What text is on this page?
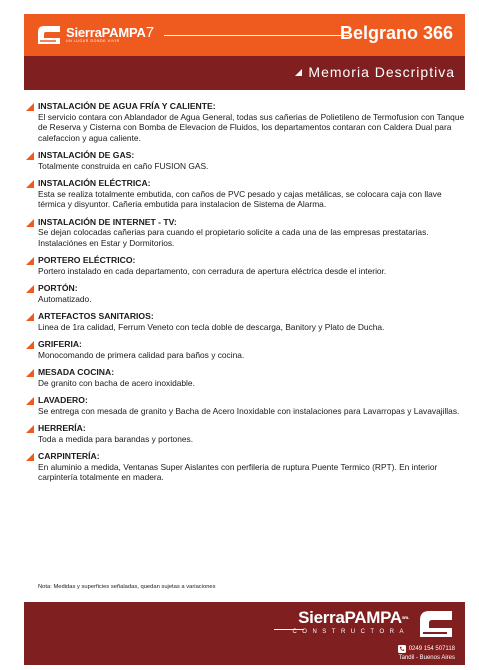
SierraPAMPA7
UN LUGAR DONDE VIVIR	Belgrano 366
Memoria Descriptiva
INSTALACIÓN DE AGUA FRÍA Y CALIENTE:
El servicio contara con Ablandador de Agua General, todas sus cañerias de Polietileno de Termofusion con Tanque de Reserva y Cisterna con Bomba de Elevacion de Fluidos, los departamentos contaran con Caldera Dual para calefaccion y agua caliente.
INSTALACIÓN DE GAS:
Totalmente construida en caño FUSION GAS.
INSTALACIÓN ELÉCTRICA:
Esta se realiza totalmente embutida, con caños de PVC pesado y cajas metálicas, se colocara caja con llave térmica y disyuntor. Cañeria embutida para instalacion de Sistema de Alarma.
INSTALACIÓN DE INTERNET - TV:
Se dejan colocadas cañerias para cuando el propietario solicite a cada una de las empresas prestatarias. Instalaciónes en Estar y Dormitorios.
PORTERO ELÉCTRICO:
Portero instalado en cada departamento, con cerradura de apertura eléctrica desde el interior.
PORTÓN:
Automatizado.
ARTEFACTOS SANITARIOS:
Linea de 1ra calidad, Ferrum Veneto con tecla doble de descarga, Banitory y Plato de Ducha.
GRIFERIA:
Monocomando de primera calidad para baños y cocina.
MESADA COCINA:
De granito con bacha de acero inoxidable.
LAVADERO:
Se entrega con mesada de granito y Bacha de Acero Inoxidable con instalaciones para Lavarropas y Lavavajillas.
HERRERÍA:
Toda a medida para barandas y portones.
CARPINTERÍA:
En aluminio a medida, Ventanas Super Aislantes con perfileria de ruptura Puente Termico (RPT). En interior carpintería totalmente en madera.
Nota: Medidas y superficies señaladas, quedan sujetas a variaciones
SierraPAMPASRL
CONSTRUCTORA
0249 154 507118
Tandil - Buenos Aires
